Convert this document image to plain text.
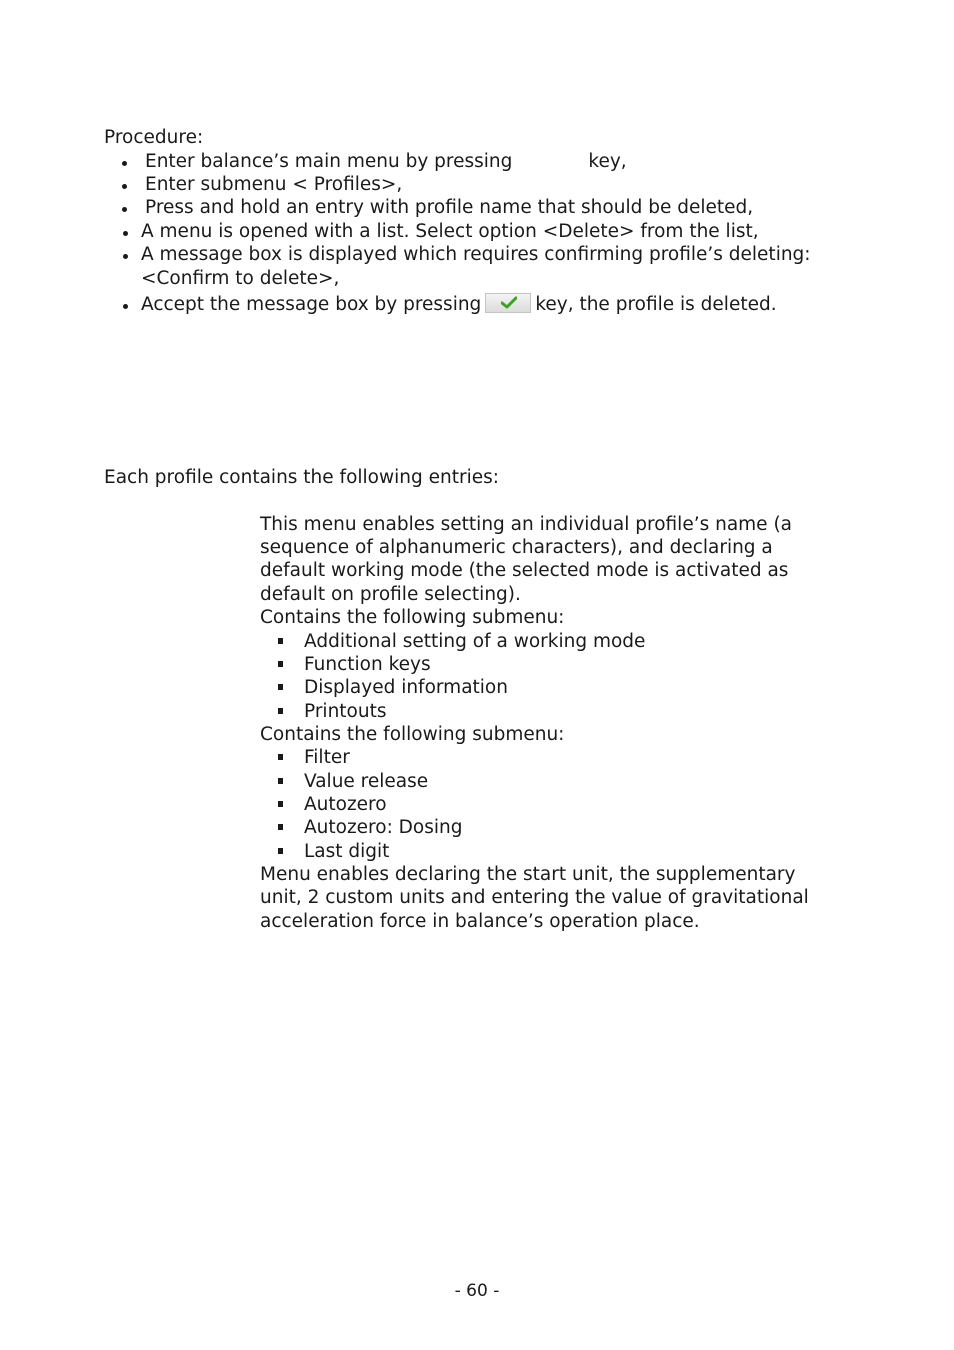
Procedure:
Enter balance’s main menu by pressing	key,
Enter submenu < Profiles>,
Press and hold an entry with profile name that should be deleted,
A menu is opened with a list. Select option <Delete> from the list,
A message box is displayed which requires confirming profile’s deleting:
<Confirm to delete>,
Accept the message box by pressing	key, the profile is deleted.
Each profile contains the following entries:
This menu enables setting an individual profile’s name (a
sequence of alphanumeric characters), and declaring a
default working mode (the selected mode is activated as
default on profile selecting).
Contains the following submenu:
Additional setting of a working mode
Function keys
Displayed information
Printouts
Contains the following submenu:
Filter
Value release
Autozero
Autozero: Dosing
Last digit
Menu enables declaring the start unit, the supplementary
unit, 2 custom units and entering the value of gravitational
acceleration force in balance’s operation place.
- 60 -
